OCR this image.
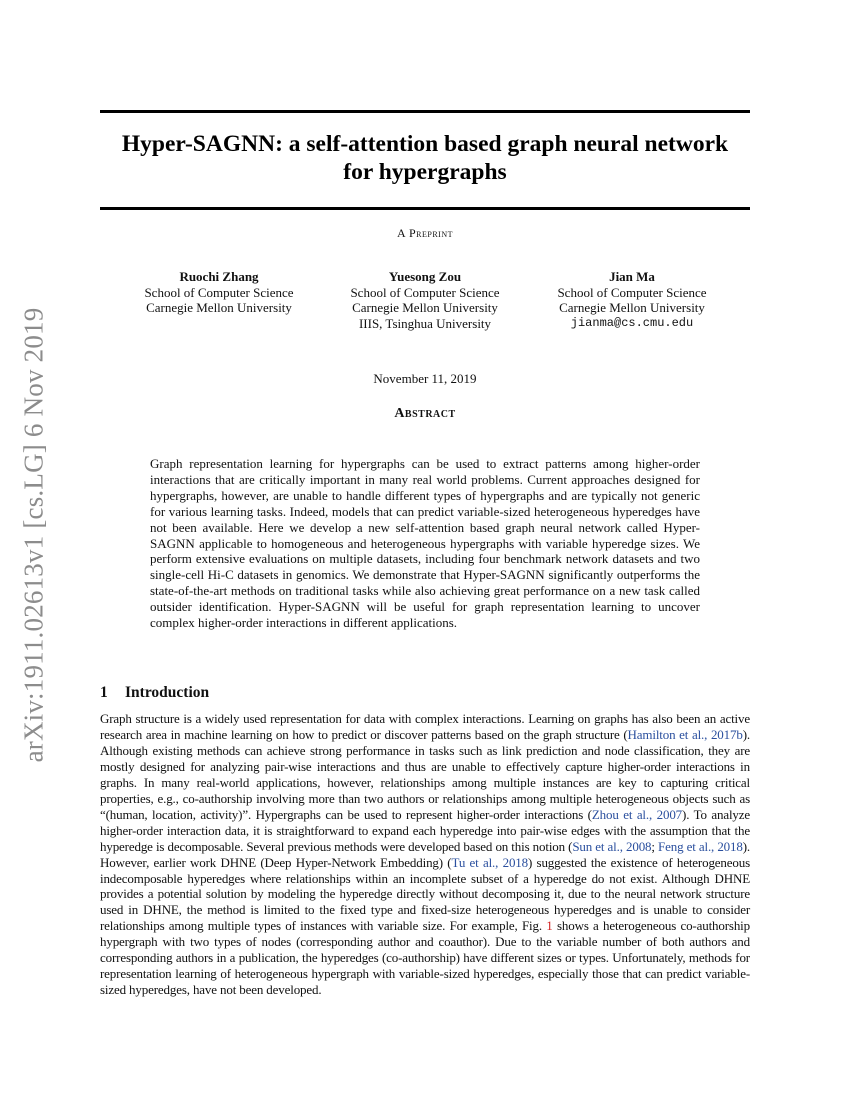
arXiv:1911.02613v1 [cs.LG] 6 Nov 2019
Hyper-SAGNN: a self-attention based graph neural network
for hypergraphs
A Preprint
Ruochi Zhang
School of Computer Science
Carnegie Mellon University
Yuesong Zou
School of Computer Science
Carnegie Mellon University
IIIS, Tsinghua University
Jian Ma
School of Computer Science
Carnegie Mellon University
jianma@cs.cmu.edu
November 11, 2019
Abstract
Graph representation learning for hypergraphs can be used to extract patterns among higher-order interactions that are critically important in many real world problems. Current approaches designed for hypergraphs, however, are unable to handle different types of hypergraphs and are typically not generic for various learning tasks. Indeed, models that can predict variable-sized heterogeneous hyperedges have not been available. Here we develop a new self-attention based graph neural network called Hyper-SAGNN applicable to homogeneous and heterogeneous hypergraphs with variable hyperedge sizes. We perform extensive evaluations on multiple datasets, including four benchmark network datasets and two single-cell Hi-C datasets in genomics. We demonstrate that Hyper-SAGNN significantly outperforms the state-of-the-art methods on traditional tasks while also achieving great performance on a new task called outsider identification. Hyper-SAGNN will be useful for graph representation learning to uncover complex higher-order interactions in different applications.
1 Introduction
Graph structure is a widely used representation for data with complex interactions. Learning on graphs has also been an active research area in machine learning on how to predict or discover patterns based on the graph structure (Hamilton et al., 2017b). Although existing methods can achieve strong performance in tasks such as link prediction and node classification, they are mostly designed for analyzing pair-wise interactions and thus are unable to effectively capture higher-order interactions in graphs. In many real-world applications, however, relationships among multiple instances are key to capturing critical properties, e.g., co-authorship involving more than two authors or relationships among multiple heterogeneous objects such as “(human, location, activity)”. Hypergraphs can be used to represent higher-order interactions (Zhou et al., 2007). To analyze higher-order interaction data, it is straightforward to expand each hyperedge into pair-wise edges with the assumption that the hyperedge is decomposable. Several previous methods were developed based on this notion (Sun et al., 2008; Feng et al., 2018). However, earlier work DHNE (Deep Hyper-Network Embedding) (Tu et al., 2018) suggested the existence of heterogeneous indecomposable hyperedges where relationships within an incomplete subset of a hyperedge do not exist. Although DHNE provides a potential solution by modeling the hyperedge directly without decomposing it, due to the neural network structure used in DHNE, the method is limited to the fixed type and fixed-size heterogeneous hyperedges and is unable to consider relationships among multiple types of instances with variable size. For example, Fig. 1 shows a heterogeneous co-authorship hypergraph with two types of nodes (corresponding author and coauthor). Due to the variable number of both authors and corresponding authors in a publication, the hyperedges (co-authorship) have different sizes or types. Unfortunately, methods for representation learning of heterogeneous hypergraph with variable-sized hyperedges, especially those that can predict variable-sized hyperedges, have not been developed.
